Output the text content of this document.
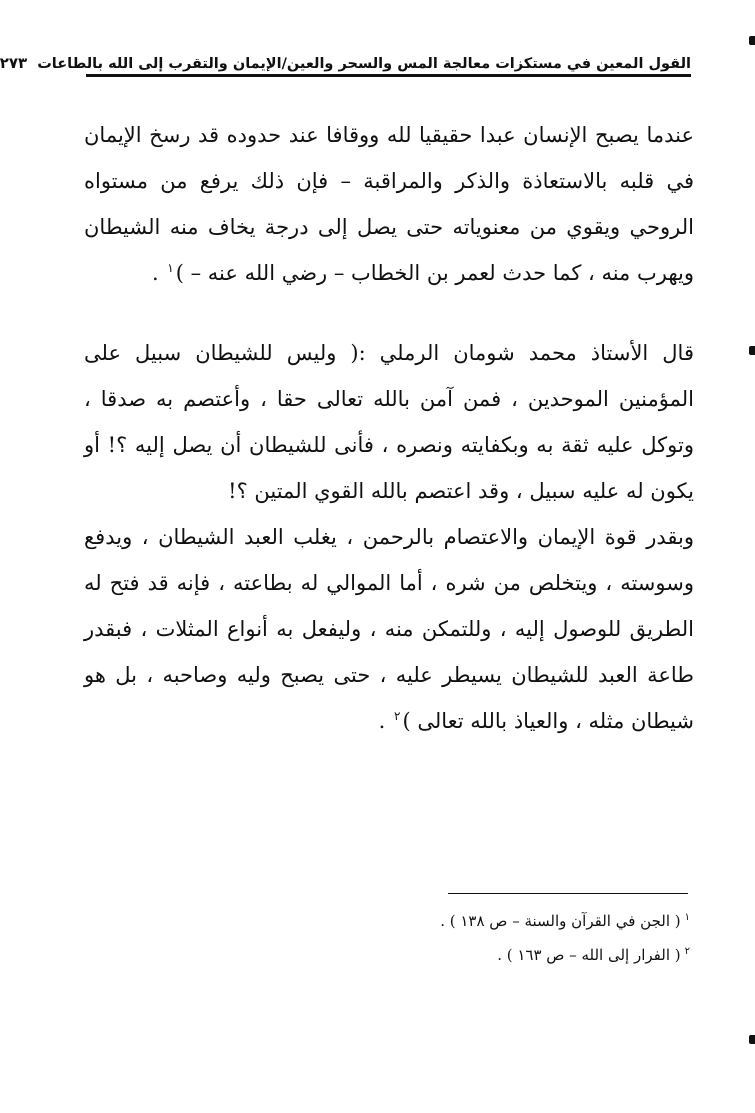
القول المعين في مستكزات معالجة المس والسحر والعين/الإيمان والتقرب إلى الله بالطاعات
٢٧٣

عندما يصبح الإنسان عبدا حقيقيا لله ووقافا عند حدوده قد رسخ الإيمان في قلبه بالاستعاذة والذكر والمراقبة – فإن ذلك يرفع من مستواه الروحي ويقوي من معنوياته حتى يصل إلى درجة يخاف منه الشيطان ويهرب منه ، كما حدث لعمر بن الخطاب – رضي الله عنه – )$^١$ .

قال الأستاذ محمد شومان الرملي :( وليس للشيطان سبيل على المؤمنين الموحدين ، فمن آمن بالله تعالى حقا ، وأعتصم به صدقا ، وتوكل عليه ثقة به وبكفايته ونصره ، فأنى للشيطان أن يصل إليه ؟! أو يكون له عليه سبيل ، وقد اعتصم بالله القوي المتين ؟!

وبقدر قوة الإيمان والاعتصام بالرحمن ، يغلب العبد الشيطان ، ويدفع وسوسته ، ويتخلص من شره ، أما الموالي له بطاعته ، فإنه قد فتح له الطريق للوصول إليه ، وللتمكن منه ، وليفعل به أنواع المثلات ، فبقدر طاعة العبد للشيطان يسيطر عليه ، حتى يصبح وليه وصاحبه ، بل هو شيطان مثله ، والعياذ بالله تعالى )$^٢$ .

$^١$( الجن في القرآن والسنة – ص ١٣٨ ) .

$^٢$( الفرار إلى الله – ص ١٦٣ ) .
